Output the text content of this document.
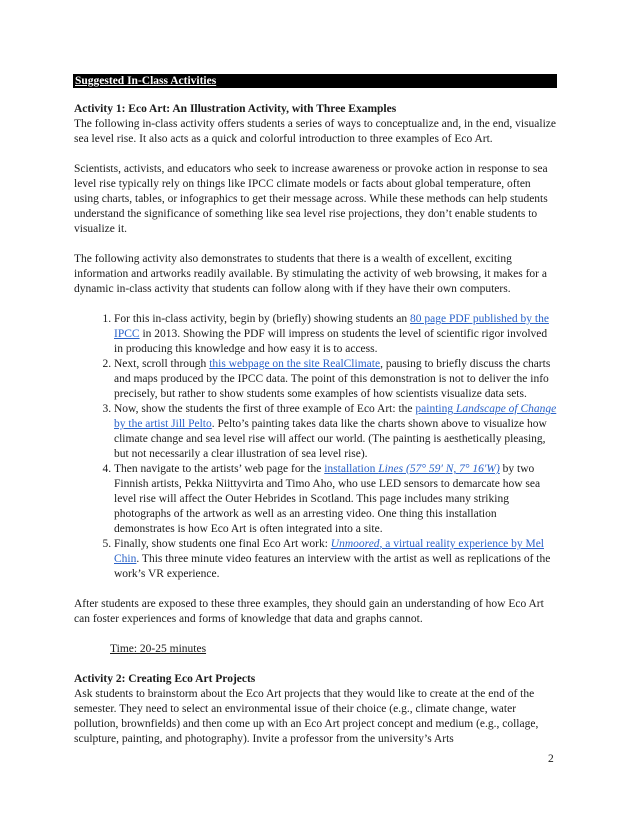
Suggested In-Class Activities

Activity 1: Eco Art: An Illustration Activity, with Three Examples

The following in-class activity offers students a series of ways to conceptualize and, in the end, visualize sea level rise. It also acts as a quick and colorful introduction to three examples of Eco Art.

Scientists, activists, and educators who seek to increase awareness or provoke action in response to sea level rise typically rely on things like IPCC climate models or facts about global temperature, often using charts, tables, or infographics to get their message across. While these methods can help students understand the significance of something like sea level rise projections, they don’t enable students to visualize it.

The following activity also demonstrates to students that there is a wealth of excellent, exciting information and artworks readily available. By stimulating the activity of web browsing, it makes for a dynamic in-class activity that students can follow along with if they have their own computers.

1. For this in-class activity, begin by (briefly) showing students an 80 page PDF published by the IPCC in 2013. Showing the PDF will impress on students the level of scientific rigor involved in producing this knowledge and how easy it is to access.
2. Next, scroll through this webpage on the site RealClimate, pausing to briefly discuss the charts and maps produced by the IPCC data. The point of this demonstration is not to deliver the info precisely, but rather to show students some examples of how scientists visualize data sets.
3. Now, show the students the first of three example of Eco Art: the painting Landscape of Change by the artist Jill Pelto. Pelto’s painting takes data like the charts shown above to visualize how climate change and sea level rise will affect our world. (The painting is aesthetically pleasing, but not necessarily a clear illustration of sea level rise).
4. Then navigate to the artists’ web page for the installation Lines (57° 59′ N, 7° 16′W) by two Finnish artists, Pekka Niittyvirta and Timo Aho, who use LED sensors to demarcate how sea level rise will affect the Outer Hebrides in Scotland. This page includes many striking photographs of the artwork as well as an arresting video. One thing this installation demonstrates is how Eco Art is often integrated into a site.
5. Finally, show students one final Eco Art work: Unmoored, a virtual reality experience by Mel Chin. This three minute video features an interview with the artist as well as replications of the work’s VR experience.

After students are exposed to these three examples, they should gain an understanding of how Eco Art can foster experiences and forms of knowledge that data and graphs cannot.

Time: 20-25 minutes

Activity 2: Creating Eco Art Projects

Ask students to brainstorm about the Eco Art projects that they would like to create at the end of the semester. They need to select an environmental issue of their choice (e.g., climate change, water pollution, brownfields) and then come up with an Eco Art project concept and medium (e.g., collage, sculpture, painting, and photography). Invite a professor from the university’s Arts

2
